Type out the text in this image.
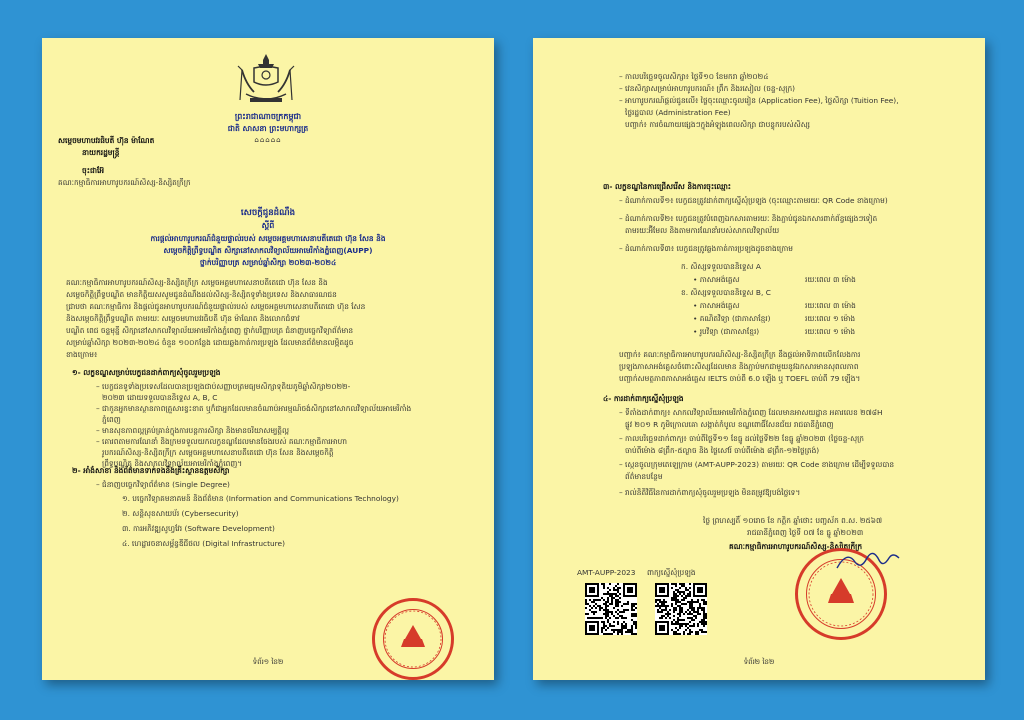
ព្រះរាជាណាចក្រកម្ពុជា
ជាតិ សាសនា ព្រះមហាក្សត្រ
⌂⌂⌂⌂⌂
សម្តេចមហាបវរធិបតី ហ៊ុន ម៉ាណែត
នាយករដ្ឋមន្ត្រី
ចុះជាអ៊ែ
គណៈកម្មាធិការអាហារូបករណ៍សិស្ស-និស្សិតក្រីក្រ
សេចក្តីជូនដំណឹង
ស្តីពី
ការផ្តល់អាហារូបករណ៍ជំនួយផ្ទាល់របស់ សម្តេចអគ្គមហាសេនាបតីតេជោ ហ៊ុន សែន និង
សម្តេចកិត្តិព្រឹទ្ធបណ្ឌិត សិក្សានៅសាកលវិទ្យាល័យអាមេរិកាំងភ្នំពេញ(AUPP)
ថ្នាក់បរិញ្ញាបត្រ សម្រាប់ឆ្នាំសិក្សា ២០២៣-២០២៤
គណៈកម្មាធិការអាហារូបករណ៍សិស្ស-និស្សិតក្រីក្រ សម្តេចអគ្គមហាសេនាបតីតេជោ ហ៊ុន សែន និង
សម្តេចកិត្តិព្រឹទ្ធបណ្ឌិត មានកិត្តិយសសូមជូនដំណឹងដល់សិស្ស-និស្សិតទូទាំងប្រទេស និងសាធារណជន
ជ្រាបថា គណៈកម្មាធិការ និងផ្តល់ជូនអាហារូបករណ៍ជំនួយផ្ទាល់របស់ សម្តេចអគ្គមហាសេនាបតីតេជោ ហ៊ុន សែន
និងសម្តេចកិត្តិព្រឹទ្ធបណ្ឌិត តាមរយៈ សម្តេចមហាបវរធិបតី ហ៊ុន ម៉ាណែត និងលោកជំទាវ
បណ្ឌិត ពេជ ចន្ទមុន្នី សិក្សានៅសាកលវិទ្យាល័យអាមេរិកាំងភ្នំពេញ ថ្នាក់បរិញ្ញាបត្រ ជំនាញបច្ចេកវិទ្យាព័ត៌មាន
សម្រាប់ឆ្នាំសិក្សា ២០២៣-២០២៤ ចំនួន ១០០កន្លែង ដោយឆ្លងកាត់ការប្រឡង ដែលមានព័ត៌មានលម្អិតដូច
ខាងក្រោម៖
១- លក្ខខណ្ឌសម្រាប់បេក្ខជនដាក់ពាក្យសុំចូលរួមប្រឡង
– បេក្ខជនទូទាំងប្រទេសដែលបានប្រឡងជាប់សញ្ញាបត្រមធ្យមសិក្សាទុតិយភូមិឆ្នាំសិក្សា២០២២-
២០២៣ ដោយទទួលបាននិទ្ទេស A, B, C
– ជាកូនអ្នកមានស្ថានភាពគ្រួសារខ្វះខាត ឬក៏ជាអ្នកដែលមានចំណាប់អារម្មណ៍ចង់សិក្សានៅសាកលវិទ្យាល័យអាមេរិកាំង
ភ្នំពេញ
– មានសុខភាពល្អគ្រប់គ្រាន់ក្នុងការបន្តការសិក្សា និងមានចរិយាសម្បត្តិល្អ
– គោរពតាមការណែនាំ និងក្រមទទួលយកលក្ខខណ្ឌដែលមានចែងរបស់ គណៈកម្មាធិការអាហា
រូបករណ៍សិស្ស-និស្សិតក្រីក្រ សម្តេចអគ្គមហាសេនាបតីតេជោ ហ៊ុន សែន និងសម្តេចកិត្តិ
ព្រឹទ្ធបណ្ឌិត និងសាកលវិទ្យាល័យអាមេរិកាំងភ្នំពេញ។
២- អាំងំសាខា និងព័ត៌មានទាក់ទងនឹងគ្រឹះស្ថានឧត្តមសិក្សា
– ជំនាញបច្ចេកវិទ្យាព័ត៌មាន (Single Degree)
១. បច្ចេកវិទ្យាគមនាគមន៍ និងព័ត៌មាន (Information and Communications Technology)
២. សន្តិសុខសាយប័រ (Cybersecurity)
៣. ការអភិវឌ្ឍសូហ្វវែរ (Software Development)
៤. ហេដ្ឋារចនាសម្ព័ន្ធឌីជីថល (Digital Infrastructure)
ទំព័រ១ នៃ២
– កាលបរិច្ឆេទចូលសិក្សា៖ ថ្ងៃទី១០ ខែមករា ឆ្នាំ២០២៤
– វេនសិក្សាសម្រាប់អាហារូបករណ៍៖ ព្រឹក និងរសៀល (ចន្ទ-សុក្រ)
– អាហារូបករណ៍ផ្តល់ជូនលើ៖ ថ្លៃចុះឈ្មោះចូលរៀន (Application Fee), ថ្លៃសិក្សា (Tuition Fee),
ថ្លៃរដ្ឋបាល (Administration Fee)
បញ្ជាក់៖ ការចំណាយផ្សេងៗក្នុងអំឡុងពេលសិក្សា ជាបន្ទុករបស់សិស្ស
៣- លក្ខខណ្ឌនៃការជ្រើសរើស និងការចុះឈ្មោះ
– ដំណាក់កាលទី១៖ បេក្ខជនត្រូវដាក់ពាក្យស្នើសុំប្រឡង (ចុះឈ្មោះតាមរយៈ QR Code ខាងក្រោម)
– ដំណាក់កាលទី២៖ បេក្ខជនត្រូវបំពេញឯកសារតាមរយៈ និងភ្ជាប់ជូនឯកសារពាក់ព័ន្ធផ្សេងៗទៀត
តាមរយៈអ៊ីមែល និងតាមការណែនាំរបស់សាកលវិទ្យាល័យ
– ដំណាក់កាលទី៣៖ បេក្ខជនត្រូវឆ្លងកាត់ការប្រឡងដូចខាងក្រោម
ក. សិស្សទទួលបាននិទ្ទេស A
• ភាសាអង់គ្លេស	រយៈពេល ៣ ម៉ោង
ខ. សិស្សទទួលបាននិទ្ទេស B, C
• ភាសាអង់គ្លេស	រយៈពេល ៣ ម៉ោង
• គណិតវិទ្យា (ជាភាសាខ្មែរ)	រយៈពេល ១ ម៉ោង
• រូបវិទ្យា (ជាភាសាខ្មែរ)	រយៈពេល ១ ម៉ោង
បញ្ជាក់៖ គណៈកម្មាធិការអាហារូបករណ៍សិស្ស-និស្សិតក្រីក្រ នឹងផ្តល់អាទិភាពលើកលែងការ
ប្រឡងភាសាអង់គ្លេសចំពោះសិស្សដែលមាន និងភ្ជាប់មកជាមួយនូវឯកសារមានសុពលភាព
បញ្ជាក់សមត្ថភាពភាសាអង់គ្លេស IELTS ចាប់ពី 6.0 ឡើង ឬ TOEFL ចាប់ពី 79 ឡើង។
៤- ការដាក់ពាក្យស្នើសុំប្រឡង
– ទីតាំងដាក់ពាក្យ៖ សាកលវិទ្យាល័យអាមេរិកាំងភ្នំពេញ ដែលមានអាសយដ្ឋាន អគារលេខ ២៧៨H
ផ្លូវ ២០១ R ភូមិក្រោលគោ សង្កាត់កំបូល ខណ្ឌពោធិ៍សែនជ័យ រាជធានីភ្នំពេញ
– កាលបរិច្ឆេទដាក់ពាក្យ៖ ចាប់ពីថ្ងៃទី១១ ខែធ្នូ ដល់ថ្ងៃទី២២ ខែធ្នូ ឆ្នាំ២០២៣ (ថ្ងៃចន្ទ-សុក្រ
ចាប់ពីម៉ោង ៨ព្រឹក-៥ល្ងាច និង ថ្ងៃសៅរ៍ ចាប់ពីម៉ោង ៨ព្រឹក-១២ថ្ងៃត្រង់)
– ស្កេនចូលក្រុមតេឡេក្រាម (AMT-AUPP-2023) តាមរយៈ QR Code ខាងក្រោម ដើម្បីទទួលបាន
ព័ត៌មានបន្ថែម
– រាល់និតិវិធីនៃការដាក់ពាក្យសុំចូលរួមប្រឡង មិនតម្រូវឱ្យបង់ថ្លៃទេ។
ថ្ងៃ ព្រហស្បតិ៍ ១០រោច ខែ កត្តិក ឆ្នាំថោះ បញ្ចស័ក ព.ស. ២៥៦៧
រាជធានីភ្នំពេញ ថ្ងៃទី ០៧ ខែ ធ្នូ ឆ្នាំ២០២៣
គណៈកម្មាធិការអាហារូបករណ៍សិស្ស-និស្សិតក្រីក្រ
AMT-AUPP-2023 ពាក្យស្នើសុំប្រឡង
ទំព័រ២ នៃ២
